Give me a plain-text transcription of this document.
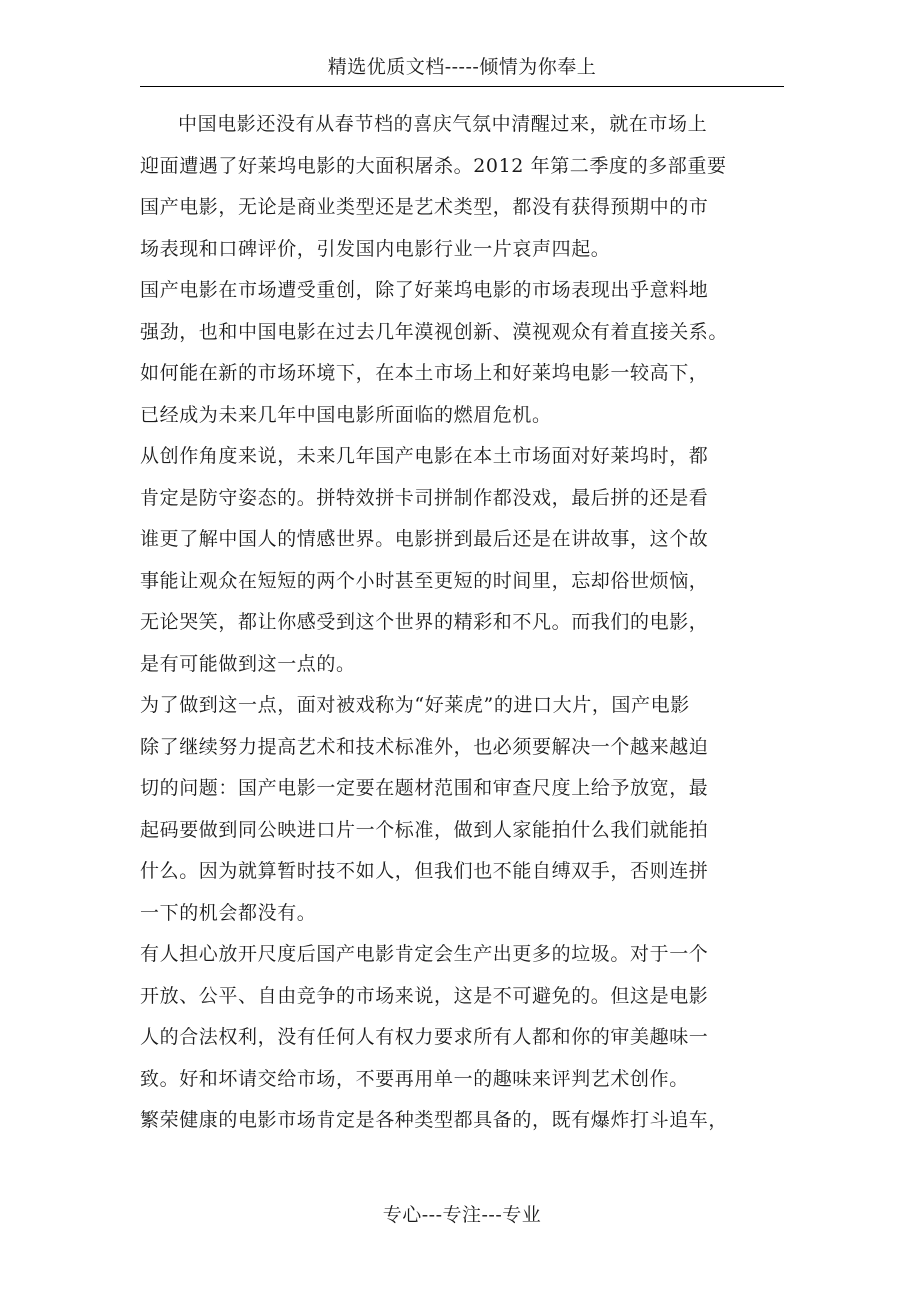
精选优质文档-----倾情为你奉上
中国电影还没有从春节档的喜庆气氛中清醒过来，就在市场上
迎面遭遇了好莱坞电影的大面积屠杀。2012 年第二季度的多部重要
国产电影，无论是商业类型还是艺术类型，都没有获得预期中的市
场表现和口碑评价，引发国内电影行业一片哀声四起。
国产电影在市场遭受重创，除了好莱坞电影的市场表现出乎意料地
强劲，也和中国电影在过去几年漠视创新、漠视观众有着直接关系。
如何能在新的市场环境下，在本土市场上和好莱坞电影一较高下，
已经成为未来几年中国电影所面临的燃眉危机。
从创作角度来说，未来几年国产电影在本土市场面对好莱坞时，都
肯定是防守姿态的。拼特效拼卡司拼制作都没戏，最后拼的还是看
谁更了解中国人的情感世界。电影拼到最后还是在讲故事，这个故
事能让观众在短短的两个小时甚至更短的时间里，忘却俗世烦恼，
无论哭笑，都让你感受到这个世界的精彩和不凡。而我们的电影，
是有可能做到这一点的。
为了做到这一点，面对被戏称为“好莱虎”的进口大片，国产电影
除了继续努力提高艺术和技术标准外，也必须要解决一个越来越迫
切的问题：国产电影一定要在题材范围和审查尺度上给予放宽，最
起码要做到同公映进口片一个标准，做到人家能拍什么我们就能拍
什么。因为就算暂时技不如人，但我们也不能自缚双手，否则连拼
一下的机会都没有。
有人担心放开尺度后国产电影肯定会生产出更多的垃圾。对于一个
开放、公平、自由竞争的市场来说，这是不可避免的。但这是电影
人的合法权利，没有任何人有权力要求所有人都和你的审美趣味一
致。好和坏请交给市场，不要再用单一的趣味来评判艺术创作。
繁荣健康的电影市场肯定是各种类型都具备的，既有爆炸打斗追车，
专心---专注---专业
